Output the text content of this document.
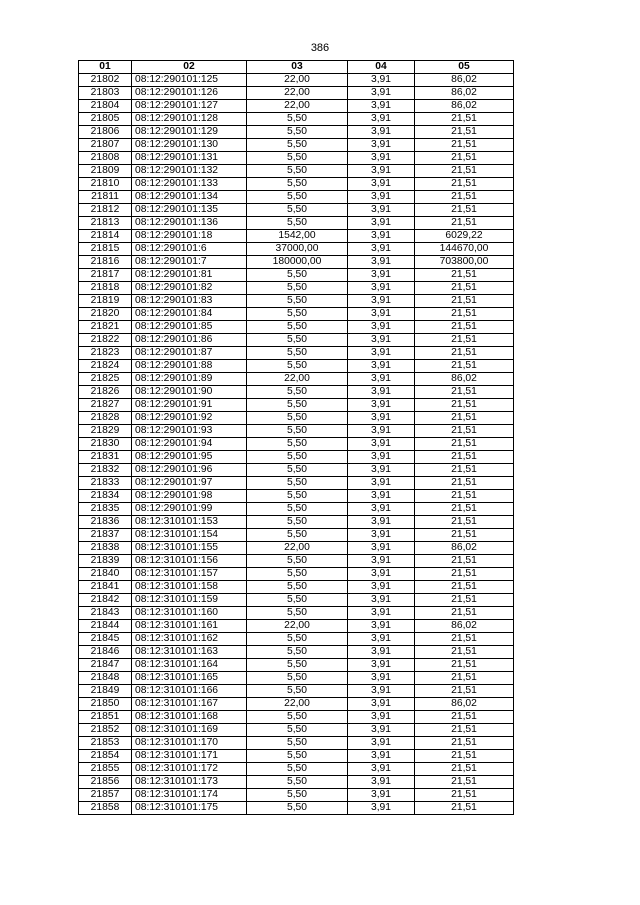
386
01	02	03	04	05
21802	08:12:290101:125	22,00	3,91	86,02
21803	08:12:290101:126	22,00	3,91	86,02
21804	08:12:290101:127	22,00	3,91	86,02
21805	08:12:290101:128	5,50	3,91	21,51
21806	08:12:290101:129	5,50	3,91	21,51
21807	08:12:290101:130	5,50	3,91	21,51
21808	08:12:290101:131	5,50	3,91	21,51
21809	08:12:290101:132	5,50	3,91	21,51
21810	08:12:290101:133	5,50	3,91	21,51
21811	08:12:290101:134	5,50	3,91	21,51
21812	08:12:290101:135	5,50	3,91	21,51
21813	08:12:290101:136	5,50	3,91	21,51
21814	08:12:290101:18	1542,00	3,91	6029,22
21815	08:12:290101:6	37000,00	3,91	144670,00
21816	08:12:290101:7	180000,00	3,91	703800,00
21817	08:12:290101:81	5,50	3,91	21,51
21818	08:12:290101:82	5,50	3,91	21,51
21819	08:12:290101:83	5,50	3,91	21,51
21820	08:12:290101:84	5,50	3,91	21,51
21821	08:12:290101:85	5,50	3,91	21,51
21822	08:12:290101:86	5,50	3,91	21,51
21823	08:12:290101:87	5,50	3,91	21,51
21824	08:12:290101:88	5,50	3,91	21,51
21825	08:12:290101:89	22,00	3,91	86,02
21826	08:12:290101:90	5,50	3,91	21,51
21827	08:12:290101:91	5,50	3,91	21,51
21828	08:12:290101:92	5,50	3,91	21,51
21829	08:12:290101:93	5,50	3,91	21,51
21830	08:12:290101:94	5,50	3,91	21,51
21831	08:12:290101:95	5,50	3,91	21,51
21832	08:12:290101:96	5,50	3,91	21,51
21833	08:12:290101:97	5,50	3,91	21,51
21834	08:12:290101:98	5,50	3,91	21,51
21835	08:12:290101:99	5,50	3,91	21,51
21836	08:12:310101:153	5,50	3,91	21,51
21837	08:12:310101:154	5,50	3,91	21,51
21838	08:12:310101:155	22,00	3,91	86,02
21839	08:12:310101:156	5,50	3,91	21,51
21840	08:12:310101:157	5,50	3,91	21,51
21841	08:12:310101:158	5,50	3,91	21,51
21842	08:12:310101:159	5,50	3,91	21,51
21843	08:12:310101:160	5,50	3,91	21,51
21844	08:12:310101:161	22,00	3,91	86,02
21845	08:12:310101:162	5,50	3,91	21,51
21846	08:12:310101:163	5,50	3,91	21,51
21847	08:12:310101:164	5,50	3,91	21,51
21848	08:12:310101:165	5,50	3,91	21,51
21849	08:12:310101:166	5,50	3,91	21,51
21850	08:12:310101:167	22,00	3,91	86,02
21851	08:12:310101:168	5,50	3,91	21,51
21852	08:12:310101:169	5,50	3,91	21,51
21853	08:12:310101:170	5,50	3,91	21,51
21854	08:12:310101:171	5,50	3,91	21,51
21855	08:12:310101:172	5,50	3,91	21,51
21856	08:12:310101:173	5,50	3,91	21,51
21857	08:12:310101:174	5,50	3,91	21,51
21858	08:12:310101:175	5,50	3,91	21,51
